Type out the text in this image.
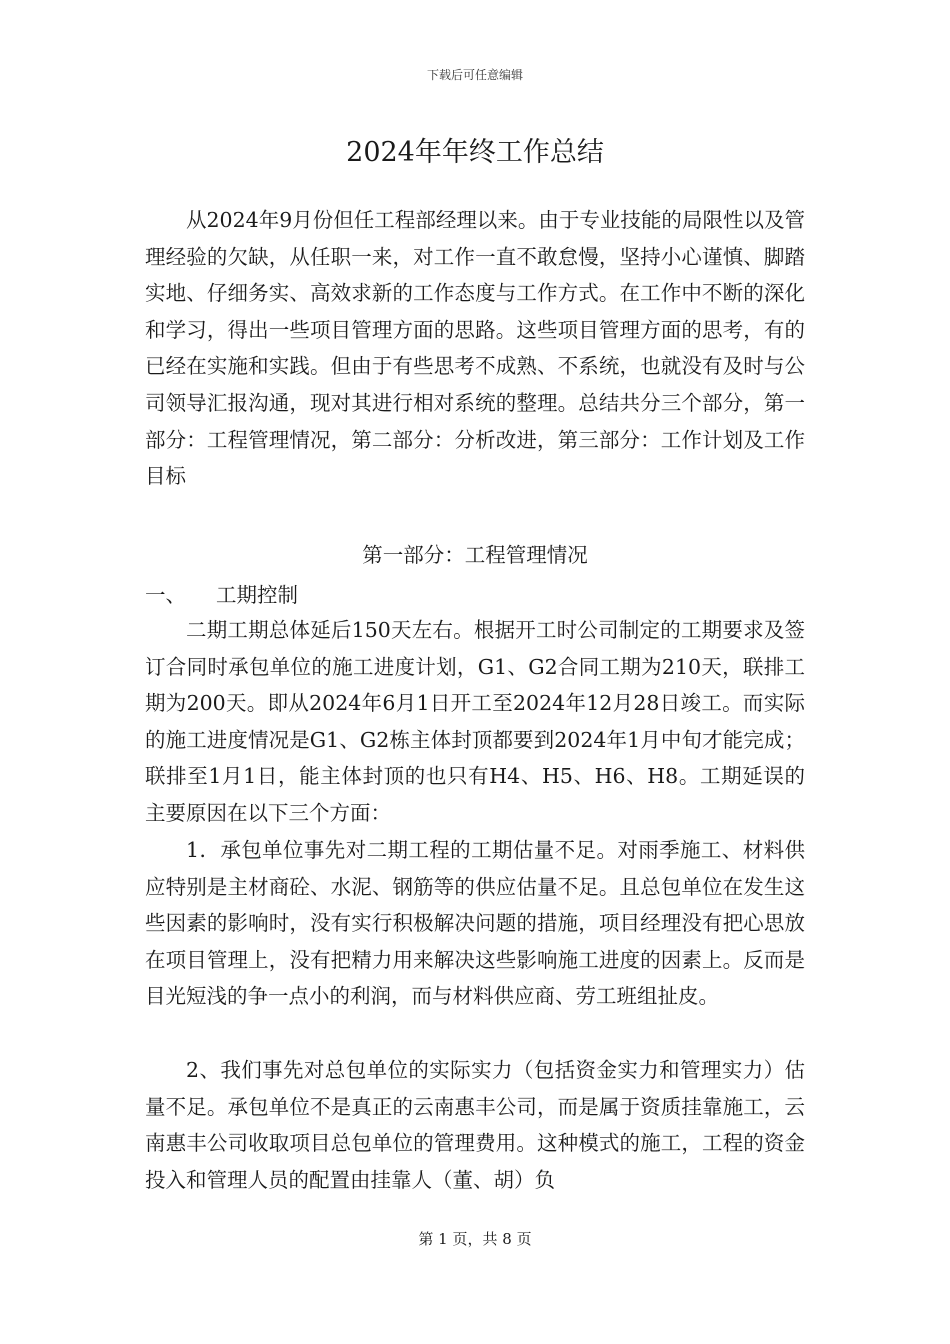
下载后可任意编辑
2024年年终工作总结

从2024年9月份但任工程部经理以来。由于专业技能的局限性以及管理经验的欠缺，从任职一来，对工作一直不敢怠慢，坚持小心谨慎、脚踏实地、仔细务实、高效求新的工作态度与工作方式。在工作中不断的深化和学习，得出一些项目管理方面的思路。这些项目管理方面的思考，有的已经在实施和实践。但由于有些思考不成熟、不系统，也就没有及时与公司领导汇报沟通，现对其进行相对系统的整理。总结共分三个部分，第一部分：工程管理情况，第二部分：分析改进，第三部分：工作计划及工作目标

第一部分：工程管理情况
一、 工期控制

二期工期总体延后150天左右。根据开工时公司制定的工期要求及签订合同时承包单位的施工进度计划，G1、G2合同工期为210天，联排工期为200天。即从2024年6月1日开工至2024年12月28日竣工。而实际的施工进度情况是G1、G2栋主体封顶都要到2024年1月中旬才能完成；联排至1月1日，能主体封顶的也只有H4、H5、H6、H8。工期延误的主要原因在以下三个方面：

1．承包单位事先对二期工程的工期估量不足。对雨季施工、材料供应特别是主材商砼、水泥、钢筋等的供应估量不足。且总包单位在发生这些因素的影响时，没有实行积极解决问题的措施，项目经理没有把心思放在项目管理上，没有把精力用来解决这些影响施工进度的因素上。反而是目光短浅的争一点小的利润，而与材料供应商、劳工班组扯皮。

2、我们事先对总包单位的实际实力（包括资金实力和管理实力）估量不足。承包单位不是真正的云南惠丰公司，而是属于资质挂靠施工，云南惠丰公司收取项目总包单位的管理费用。这种模式的施工，工程的资金投入和管理人员的配置由挂靠人（董、胡）负

第 1 页，共 8 页
